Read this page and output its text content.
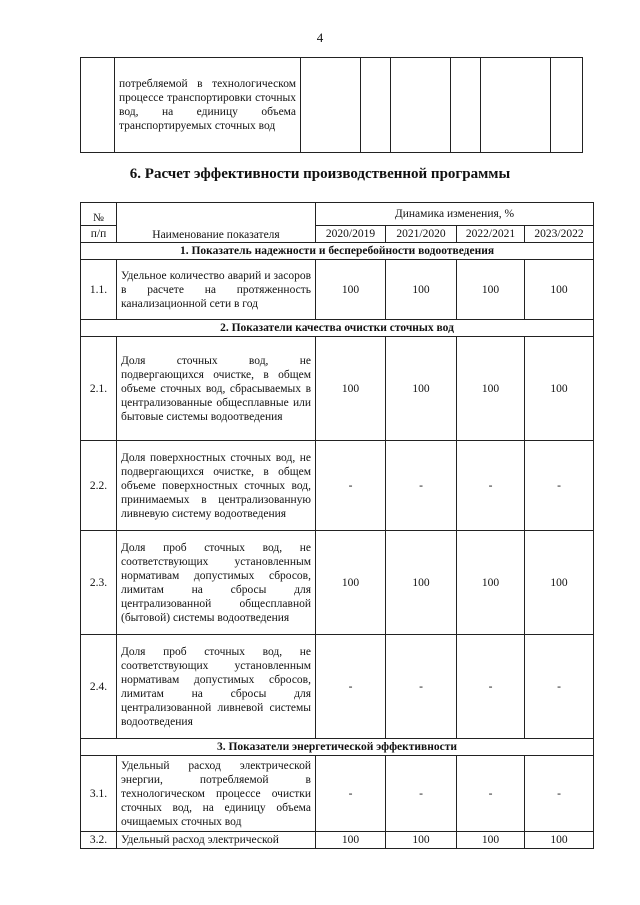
4
	потребляемой в технологическом процессе транспортировки сточных вод, на единицу объема транспортируемых сточных вод						
6. Расчет эффективности производственной программы
№	Наименование показателя	Динамика изменения, %			
п/п		2020/2019	2021/2020	2022/2021	2023/2022
1. Показатель надежности и бесперебойности водоотведения					
1.1.	Удельное количество аварий и засоров в расчете на протяженность канализационной сети в год	100	100	100	100
2. Показатели качества очистки сточных вод					
2.1.	Доля сточных вод, не подвергающихся очистке, в общем объеме сточных вод, сбрасываемых в централизованные общесплавные или бытовые системы водоотведения	100	100	100	100
2.2.	Доля поверхностных сточных вод, не подвергающихся очистке, в общем объеме поверхностных сточных вод, принимаемых в централизованную ливневую систему водоотведения	-	-	-	-
2.3.	Доля проб сточных вод, не соответствующих установленным нормативам допустимых сбросов, лимитам на сбросы для централизованной общесплавной (бытовой) системы водоотведения	100	100	100	100
2.4.	Доля проб сточных вод, не соответствующих установленным нормативам допустимых сбросов, лимитам на сбросы для централизованной ливневой системы водоотведения	-	-	-	-
3. Показатели энергетической эффективности					
3.1.	Удельный расход электрической энергии, потребляемой в технологическом процессе очистки сточных вод, на единицу объема очищаемых сточных вод	-	-	-	-
3.2.	Удельный расход электрической	100	100	100	100
